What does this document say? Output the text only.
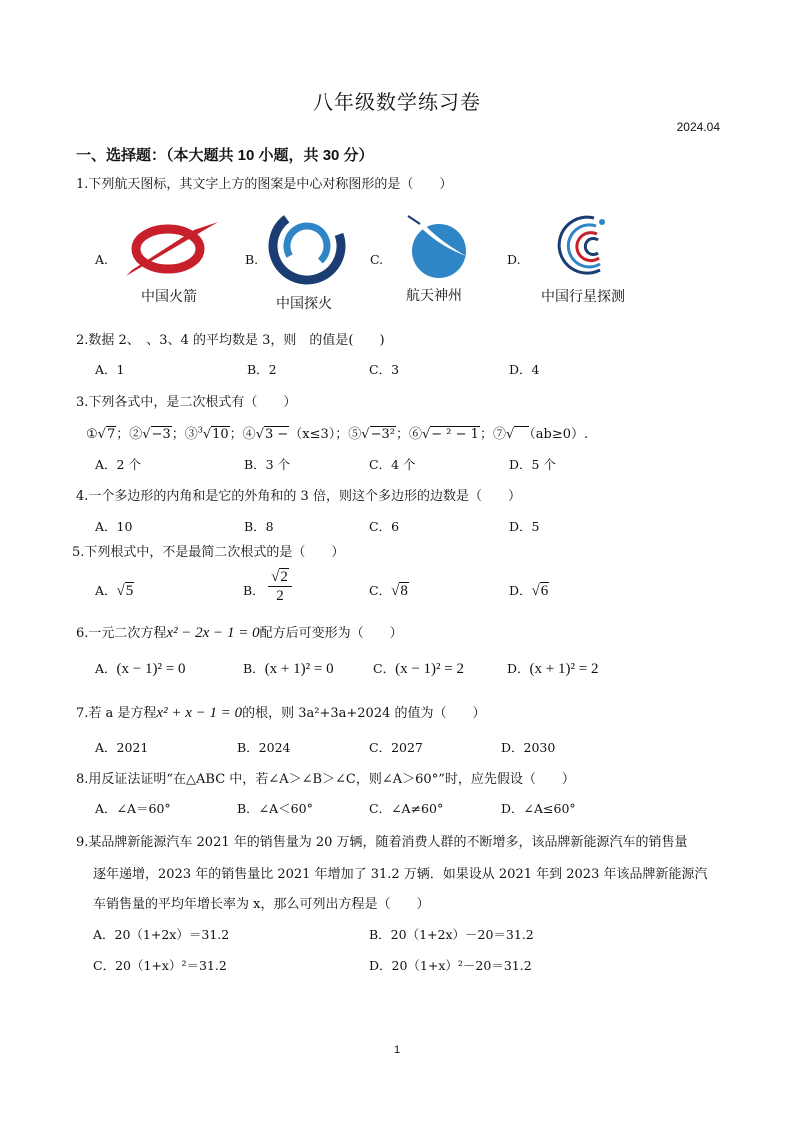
八年级数学练习卷
2024.04
一、选择题：（本大题共 10 小题，共 30 分）
1.下列航天图标，其文字上方的图案是中心对称图形的是（　　）
A.
中国火箭
B.
中国探火
C.
航天神州
D.
中国行星探测
2.数据 2、　、3、4 的平均数是 3，则　的值是(　　)
A．1	B．2	C．3	D．4
3.下列各式中，是二次根式有（　　）
①√7；②√−3；③$^3$√10；④√3 −（x≤3）；⑤√−3²；⑥√− ² − 1；⑦√　 （ab≥0）.
A．2 个	B．3 个	C．4 个	D．5 个
4.一个多边形的内角和是它的外角和的 3 倍，则这个多边形的边数是（　　）
A．10	B．8	C．6	D．5
5.下列根式中，不是最简二次根式的是（　　）
A．√5	B． $\frac{√2}{2}$	C．√8	D．√6
6.一元二次方程x² − 2x − 1 = 0配方后可变形为（　　）
A．(x − 1)² = 0	B．(x + 1)² = 0	C．(x − 1)² = 2	D．(x + 1)² = 2
7.若 a 是方程x² + x − 1 = 0的根，则 3a²+3a+2024 的值为（　　）
A．2021	B．2024	C．2027	D．2030
8.用反证法证明“在△ABC 中，若∠A＞∠B＞∠C，则∠A＞60°”时，应先假设（　　）
A．∠A＝60°	B．∠A＜60°	C．∠A≠60°	D．∠A≤60°
9.某品牌新能源汽车 2021 年的销售量为 20 万辆，随着消费人群的不断增多，该品牌新能源汽车的销售量
逐年递增，2023 年的销售量比 2021 年增加了 31.2 万辆．如果设从 2021 年到 2023 年该品牌新能源汽
车销售量的平均年增长率为 x，那么可列出方程是（　　）
A．20（1+2x）＝31.2	B．20（1+2x）－20＝31.2
C．20（1+x）²＝31.2	D．20（1+x）²－20＝31.2
1
